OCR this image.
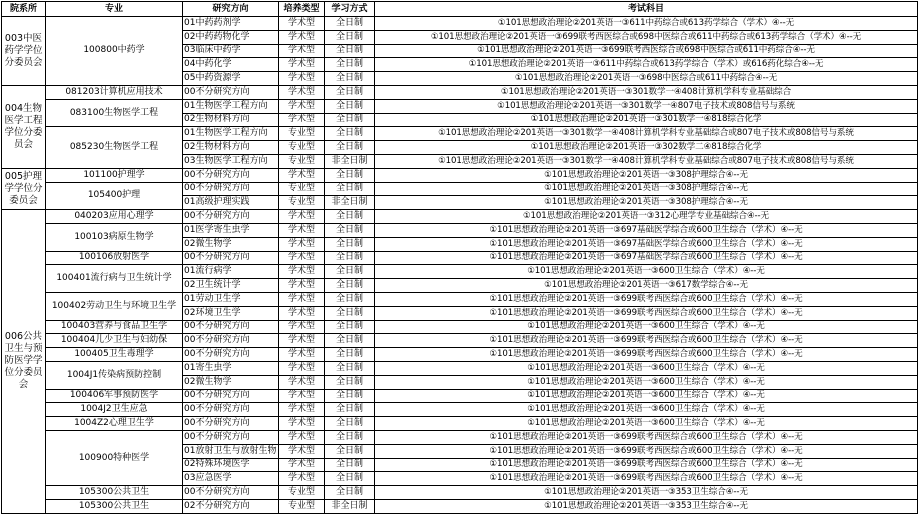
院系所	专业	研究方向	培养类型	学习方式	考试科目
003中医药学学位分委员会	100800中药学	01中药药剂学	学术型	全日制	①101思想政治理论②201英语一③611中药综合或613药学综合（学术）④--无
		02中药药物化学	学术型	全日制	①101思想政治理论②201英语一③699联考西医综合或698中医综合或611中药综合或613药学综合（学术）④--无
		03临床中药学	学术型	全日制	①101思想政治理论②201英语一③699联考西医综合或698中医综合或611中药综合④--无
		04中药化学	学术型	全日制	①101思想政治理论②201英语一③611中药综合或613药学综合（学术）或616药化综合④--无
		05中药资源学	学术型	全日制	①101思想政治理论②201英语一③698中医综合或611中药综合④--无
004生物医学工程学位分委员会	081203计算机应用技术	00不分研究方向	学术型	全日制	①101思想政治理论②201英语一③301数学一④408计算机学科专业基础综合
	083100生物医学工程	01生物医学工程方向	学术型	全日制	①101思想政治理论②201英语一③301数学一④807电子技术或808信号与系统
		02生物材料方向	学术型	全日制	①101思想政治理论②201英语一③301数学一④818综合化学
	085230生物医学工程	01生物医学工程方向	专业型	全日制	①101思想政治理论②201英语一③301数学一④408计算机学科专业基础综合或807电子技术或808信号与系统
		02生物材料方向	专业型	全日制	①101思想政治理论②201英语一③302数学二④818综合化学
		03生物医学工程方向	专业型	非全日制	①101思想政治理论②201英语一③301数学一④408计算机学科专业基础综合或807电子技术或808信号与系统
005护理学学位分委员会	101100护理学	00不分研究方向	学术型	全日制	①101思想政治理论②201英语一③308护理综合④--无
	105400护理	00不分研究方向	专业型	全日制	①101思想政治理论②201英语一③308护理综合④--无
		01高级护理实践	专业型	非全日制	①101思想政治理论②201英语一③308护理综合④--无
006公共卫生与预防医学学位分委员会	040203应用心理学	00不分研究方向	学术型	全日制	①101思想政治理论②201英语一③312心理学专业基础综合④--无
	100103病原生物学	01医学寄生虫学	学术型	全日制	①101思想政治理论②201英语一③697基础医学综合或600卫生综合（学术）④--无
		02微生物学	学术型	全日制	①101思想政治理论②201英语一③697基础医学综合或600卫生综合（学术）④--无
	100106放射医学	00不分研究方向	学术型	全日制	①101思想政治理论②201英语一③697基础医学综合或600卫生综合（学术）④--无
	100401流行病与卫生统计学	01流行病学	学术型	全日制	①101思想政治理论②201英语一③600卫生综合（学术）④--无
		02卫生统计学	学术型	全日制	①101思想政治理论②201英语一③617数学综合④--无
	100402劳动卫生与环境卫生学	01劳动卫生学	学术型	全日制	①101思想政治理论②201英语一③699联考西医综合或600卫生综合（学术）④--无
		02环境卫生学	学术型	全日制	①101思想政治理论②201英语一③699联考西医综合或600卫生综合（学术）④--无
	100403营养与食品卫生学	00不分研究方向	学术型	全日制	①101思想政治理论②201英语一③600卫生综合（学术）④--无
	100404儿少卫生与妇幼保	00不分研究方向	学术型	全日制	①101思想政治理论②201英语一③699联考西医综合或600卫生综合（学术）④--无
	100405卫生毒理学	00不分研究方向	学术型	全日制	①101思想政治理论②201英语一③699联考西医综合或600卫生综合（学术）④--无
	1004J1传染病预防控制	01寄生虫学	学术型	全日制	①101思想政治理论②201英语一③600卫生综合（学术）④--无
		02微生物学	学术型	全日制	①101思想政治理论②201英语一③600卫生综合（学术）④--无
	100406军事预防医学	00不分研究方向	学术型	全日制	①101思想政治理论②201英语一③600卫生综合（学术）④--无
	1004J2卫生应急	00不分研究方向	学术型	全日制	①101思想政治理论②201英语一③600卫生综合（学术）④--无
	1004Z2心理卫生学	00不分研究方向	学术型	全日制	①101思想政治理论②201英语一③600卫生综合（学术）④--无
	100900特种医学	00不分研究方向	学术型	全日制	①101思想政治理论②201英语一③699联考西医综合或600卫生综合（学术）④--无
		01放射卫生与放射生物	学术型	全日制	①101思想政治理论②201英语一③699联考西医综合或600卫生综合（学术）④--无
		02特殊环境医学	学术型	全日制	①101思想政治理论②201英语一③699联考西医综合或600卫生综合（学术）④--无
		03应急医学	学术型	全日制	①101思想政治理论②201英语一③699联考西医综合或600卫生综合（学术）④--无
	105300公共卫生	00不分研究方向	专业型	全日制	①101思想政治理论②201英语一③353卫生综合④--无
	105300公共卫生	02不分研究方向	专业型	非全日制	①101思想政治理论②201英语一③353卫生综合④--无
